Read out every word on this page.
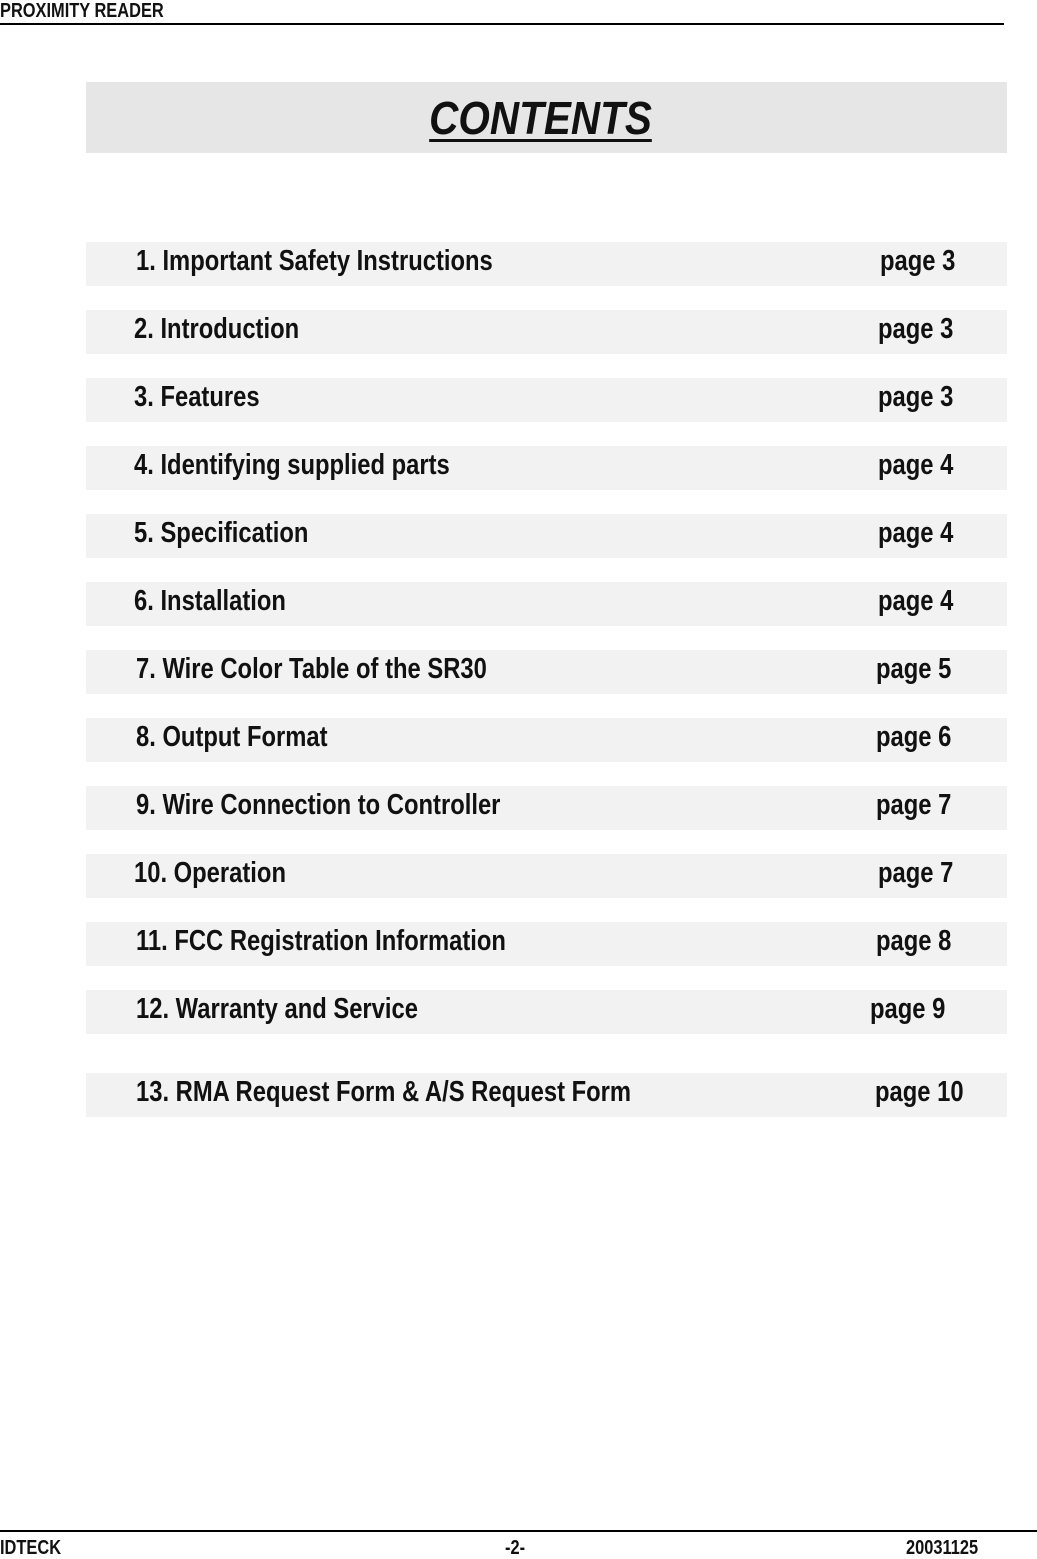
PROXIMITY READER
CONTENTS
1. Important Safety Instructions	page 3
2. Introduction	page 3
3. Features	page 3
4. Identifying supplied parts	page 4
5. Specification	page 4
6. Installation	page 4
7. Wire Color Table of the SR30	page 5
8. Output Format	page 6
9. Wire Connection to Controller	page 7
10. Operation	page 7
11. FCC Registration Information	page 8
12. Warranty and Service	page 9
13. RMA Request Form & A/S Request Form	page 10
IDTECK	-2-	20031125
